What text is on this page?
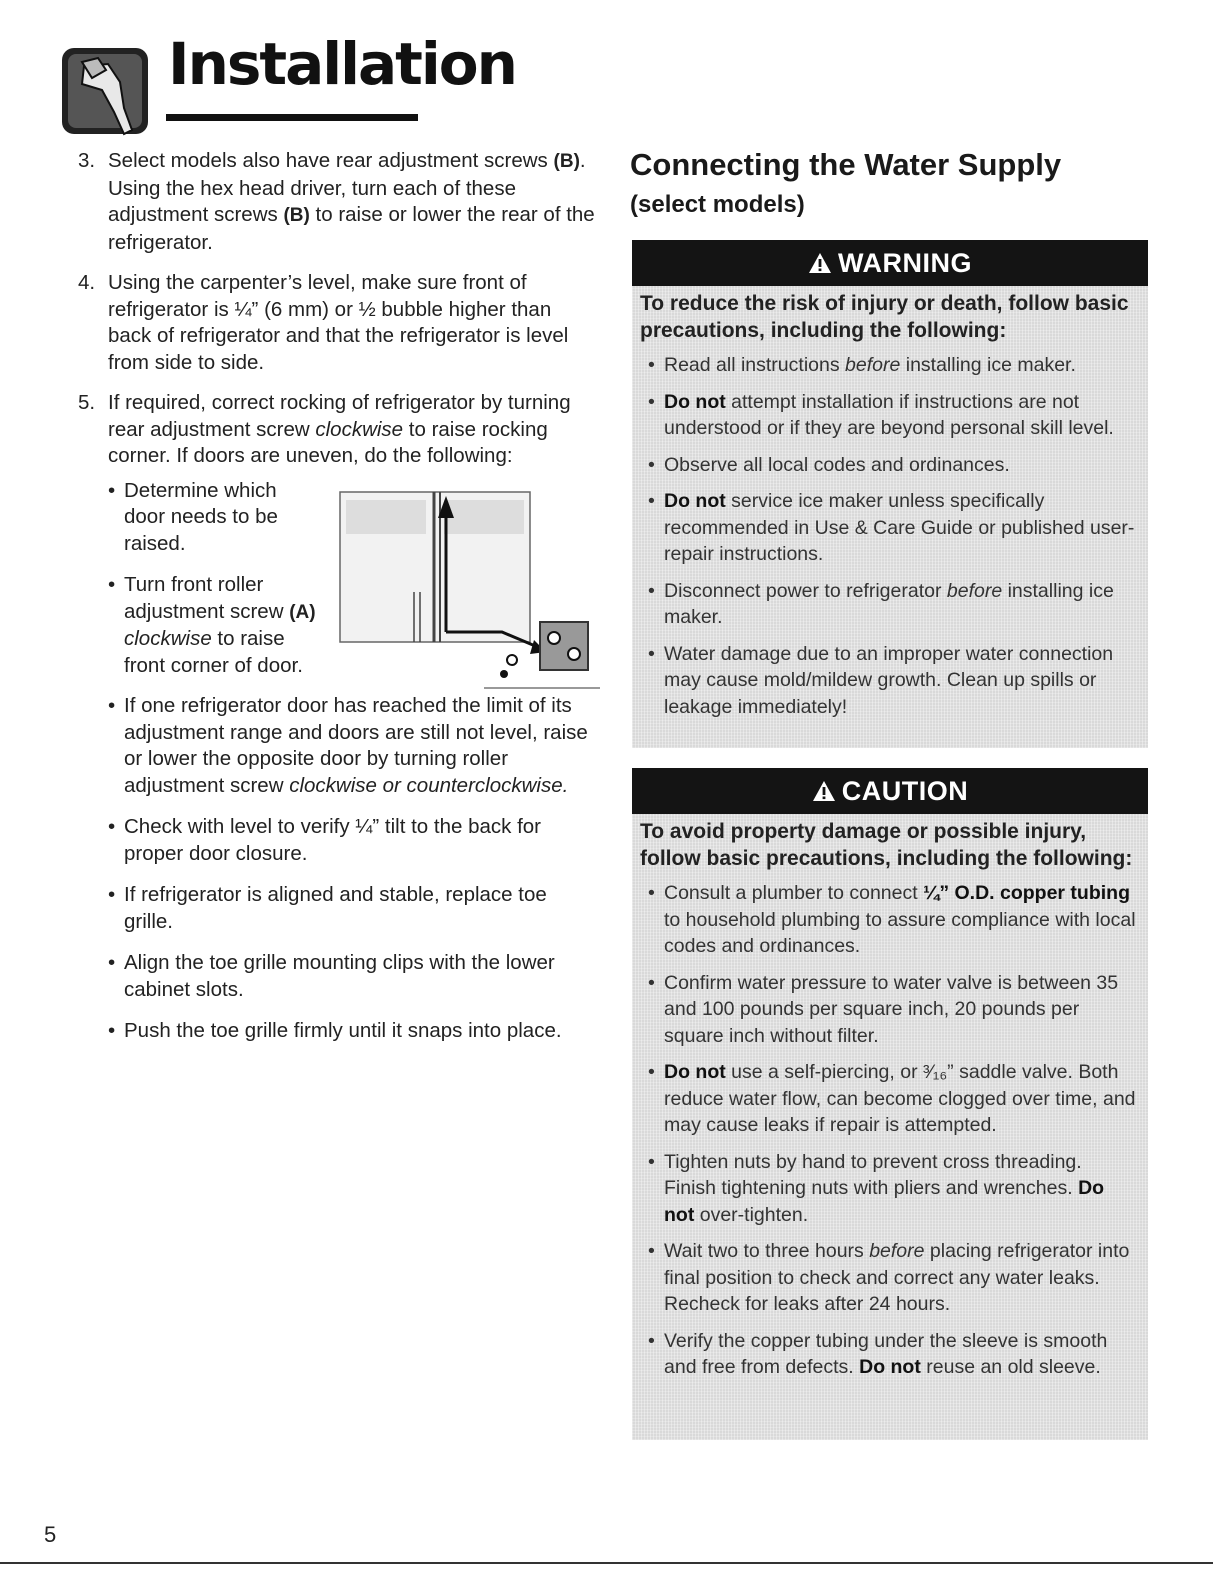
Installation
3. Select models also have rear adjustment screws (B). Using the hex head driver, turn each of these adjustment screws (B) to raise or lower the rear of the refrigerator.
4. Using the carpenter’s level, make sure front of refrigerator is ¼” (6 mm) or ½ bubble higher than back of refrigerator and that the refrigerator is level from side to side.
5. If required, correct rocking of refrigerator by turning rear adjustment screw clockwise to raise rocking corner. If doors are uneven, do the following:
• Determine which door needs to be raised.
• Turn front roller adjustment screw (A) clockwise to raise front corner of door.
• If one refrigerator door has reached the limit of its adjustment range and doors are still not level, raise or lower the opposite door by turning roller adjustment screw clockwise or counterclockwise.
• Check with level to verify ¼” tilt to the back for proper door closure.
• If refrigerator is aligned and stable, replace toe grille.
• Align the toe grille mounting clips with the lower cabinet slots.
• Push the toe grille firmly until it snaps into place.
Connecting the Water Supply
(select models)
WARNING
To reduce the risk of injury or death, follow basic precautions, including the following:
• Read all instructions before installing ice maker.
• Do not attempt installation if instructions are not understood or if they are beyond personal skill level.
• Observe all local codes and ordinances.
• Do not service ice maker unless specifically recommended in Use & Care Guide or published user-repair instructions.
• Disconnect power to refrigerator before installing ice maker.
• Water damage due to an improper water connection may cause mold/mildew growth. Clean up spills or leakage immediately!
CAUTION
To avoid property damage or possible injury, follow basic precautions, including the following:
• Consult a plumber to connect ¼” O.D. copper tubing to household plumbing to assure compliance with local codes and ordinances.
• Confirm water pressure to water valve is between 35 and 100 pounds per square inch, 20 pounds per square inch without filter.
• Do not use a self-piercing, or ³⁄₁₆” saddle valve. Both reduce water flow, can become clogged over time, and may cause leaks if repair is attempted.
• Tighten nuts by hand to prevent cross threading. Finish tightening nuts with pliers and wrenches. Do not over-tighten.
• Wait two to three hours before placing refrigerator into final position to check and correct any water leaks. Recheck for leaks after 24 hours.
• Verify the copper tubing under the sleeve is smooth and free from defects. Do not reuse an old sleeve.
5
